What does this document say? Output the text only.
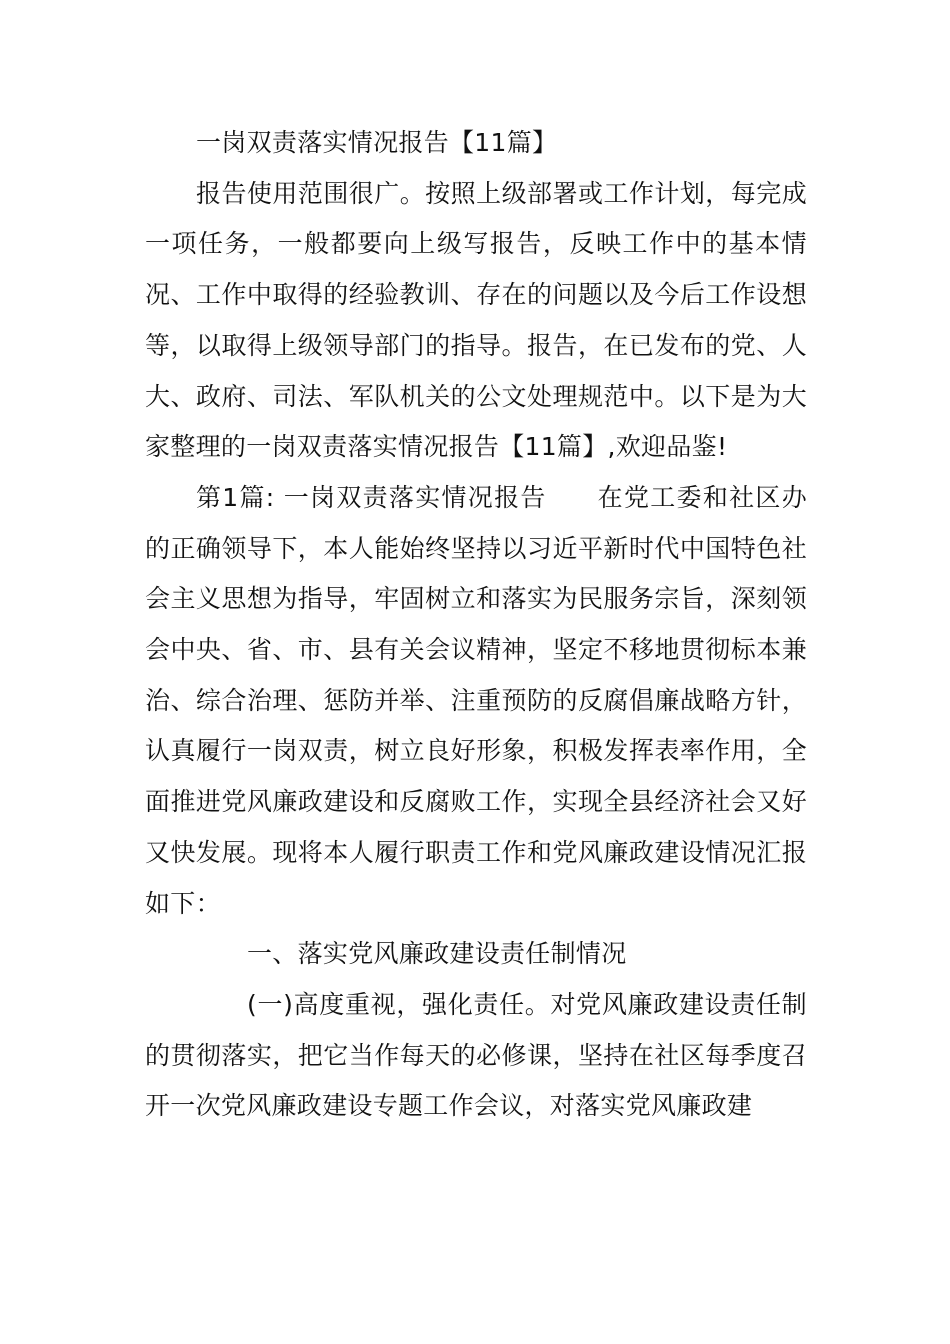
一岗双责落实情况报告【11篇】

报告使用范围很广。按照上级部署或工作计划，每完成一项任务，一般都要向上级写报告，反映工作中的基本情况、工作中取得的经验教训、存在的问题以及今后工作设想等，以取得上级领导部门的指导。报告，在已发布的党、人大、政府、司法、军队机关的公文处理规范中。以下是为大家整理的一岗双责落实情况报告【11篇】,欢迎品鉴!

第1篇: 一岗双责落实情况报告 在党工委和社区办的正确领导下，本人能始终坚持以习近平新时代中国特色社会主义思想为指导，牢固树立和落实为民服务宗旨，深刻领会中央、省、市、县有关会议精神，坚定不移地贯彻标本兼治、综合治理、惩防并举、注重预防的反腐倡廉战略方针，认真履行一岗双责，树立良好形象，积极发挥表率作用，全面推进党风廉政建设和反腐败工作，实现全县经济社会又好又快发展。现将本人履行职责工作和党风廉政建设情况汇报如下：

一、落实党风廉政建设责任制情况

(一)高度重视，强化责任。对党风廉政建设责任制的贯彻落实，把它当作每天的必修课，坚持在社区每季度召开一次党风廉政建设专题工作会议，对落实党风廉政建
